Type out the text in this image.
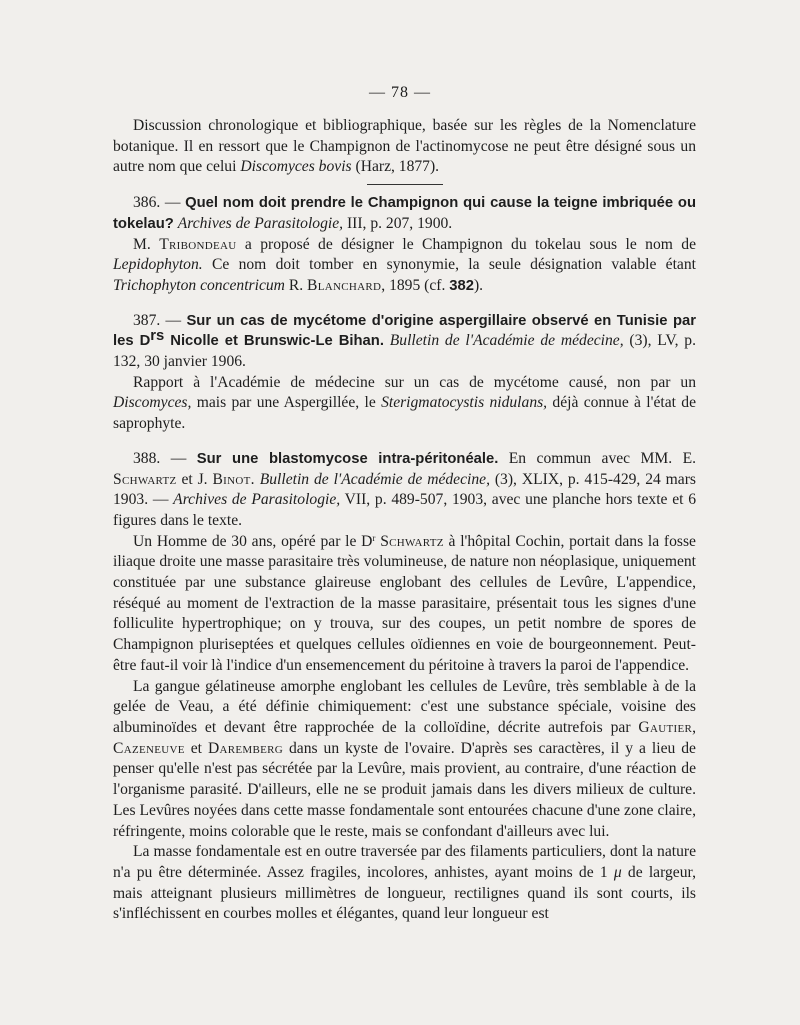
— 78 —

Discussion chronologique et bibliographique, basée sur les règles de la Nomenclature botanique. Il en ressort que le Champignon de l'actinomycose ne peut être désigné sous un autre nom que celui Discomyces bovis (Harz, 1877).

386. — Quel nom doit prendre le Champignon qui cause la teigne imbriquée ou tokelau? Archives de Parasitologie, III, p. 207, 1900.

M. Tribondeau a proposé de désigner le Champignon du tokelau sous le nom de Lepidophyton. Ce nom doit tomber en synonymie, la seule désignation valable étant Trichophyton concentricum R. Blanchard, 1895 (cf. 382).

387. — Sur un cas de mycétome d'origine aspergillaire observé en Tunisie par les $D^{rs}$ Nicolle et Brunswic-Le Bihan. Bulletin de l'Académie de médecine, (3), LV, p. 132, 30 janvier 1906.

Rapport à l'Académie de médecine sur un cas de mycétome causé, non par un Discomyces, mais par une Aspergillée, le Sterigmatocystis nidulans, déjà connue à l'état de saprophyte.

388. — Sur une blastomycose intra-péritonéale. En commun avec MM. E. Schwartz et J. Binot. Bulletin de l'Académie de médecine, (3), XLIX, p. 415-429, 24 mars 1903. — Archives de Parasitologie, VII, p. 489-507, 1903, avec une planche hors texte et 6 figures dans le texte.

Un Homme de 30 ans, opéré par le $D^r$ Schwartz à l'hôpital Cochin, portait dans la fosse iliaque droite une masse parasitaire très volumineuse, de nature non néoplasique, uniquement constituée par une substance glaireuse englobant des cellules de Levûre, L'appendice, réséqué au moment de l'extraction de la masse parasitaire, présentait tous les signes d'une folliculite hypertrophique; on y trouva, sur des coupes, un petit nombre de spores de Champignon pluriseptées et quelques cellules oïdiennes en voie de bourgeonnement. Peut-être faut-il voir là l'indice d'un ensemencement du péritoine à travers la paroi de l'appendice.

La gangue gélatineuse amorphe englobant les cellules de Levûre, très semblable à de la gelée de Veau, a été définie chimiquement: c'est une substance spéciale, voisine des albuminoïdes et devant être rapprochée de la colloïdine, décrite autrefois par Gautier, Cazeneuve et Daremberg dans un kyste de l'ovaire. D'après ses caractères, il y a lieu de penser qu'elle n'est pas sécrétée par la Levûre, mais provient, au contraire, d'une réaction de l'organisme parasité. D'ailleurs, elle ne se produit jamais dans les divers milieux de culture. Les Levûres noyées dans cette masse fondamentale sont entourées chacune d'une zone claire, réfringente, moins colorable que le reste, mais se confondant d'ailleurs avec lui.

La masse fondamentale est en outre traversée par des filaments particuliers, dont la nature n'a pu être déterminée. Assez fragiles, incolores, anhistes, ayant moins de 1 μ de largeur, mais atteignant plusieurs millimètres de longueur, rectilignes quand ils sont courts, ils s'infléchissent en courbes molles et élégantes, quand leur longueur est
